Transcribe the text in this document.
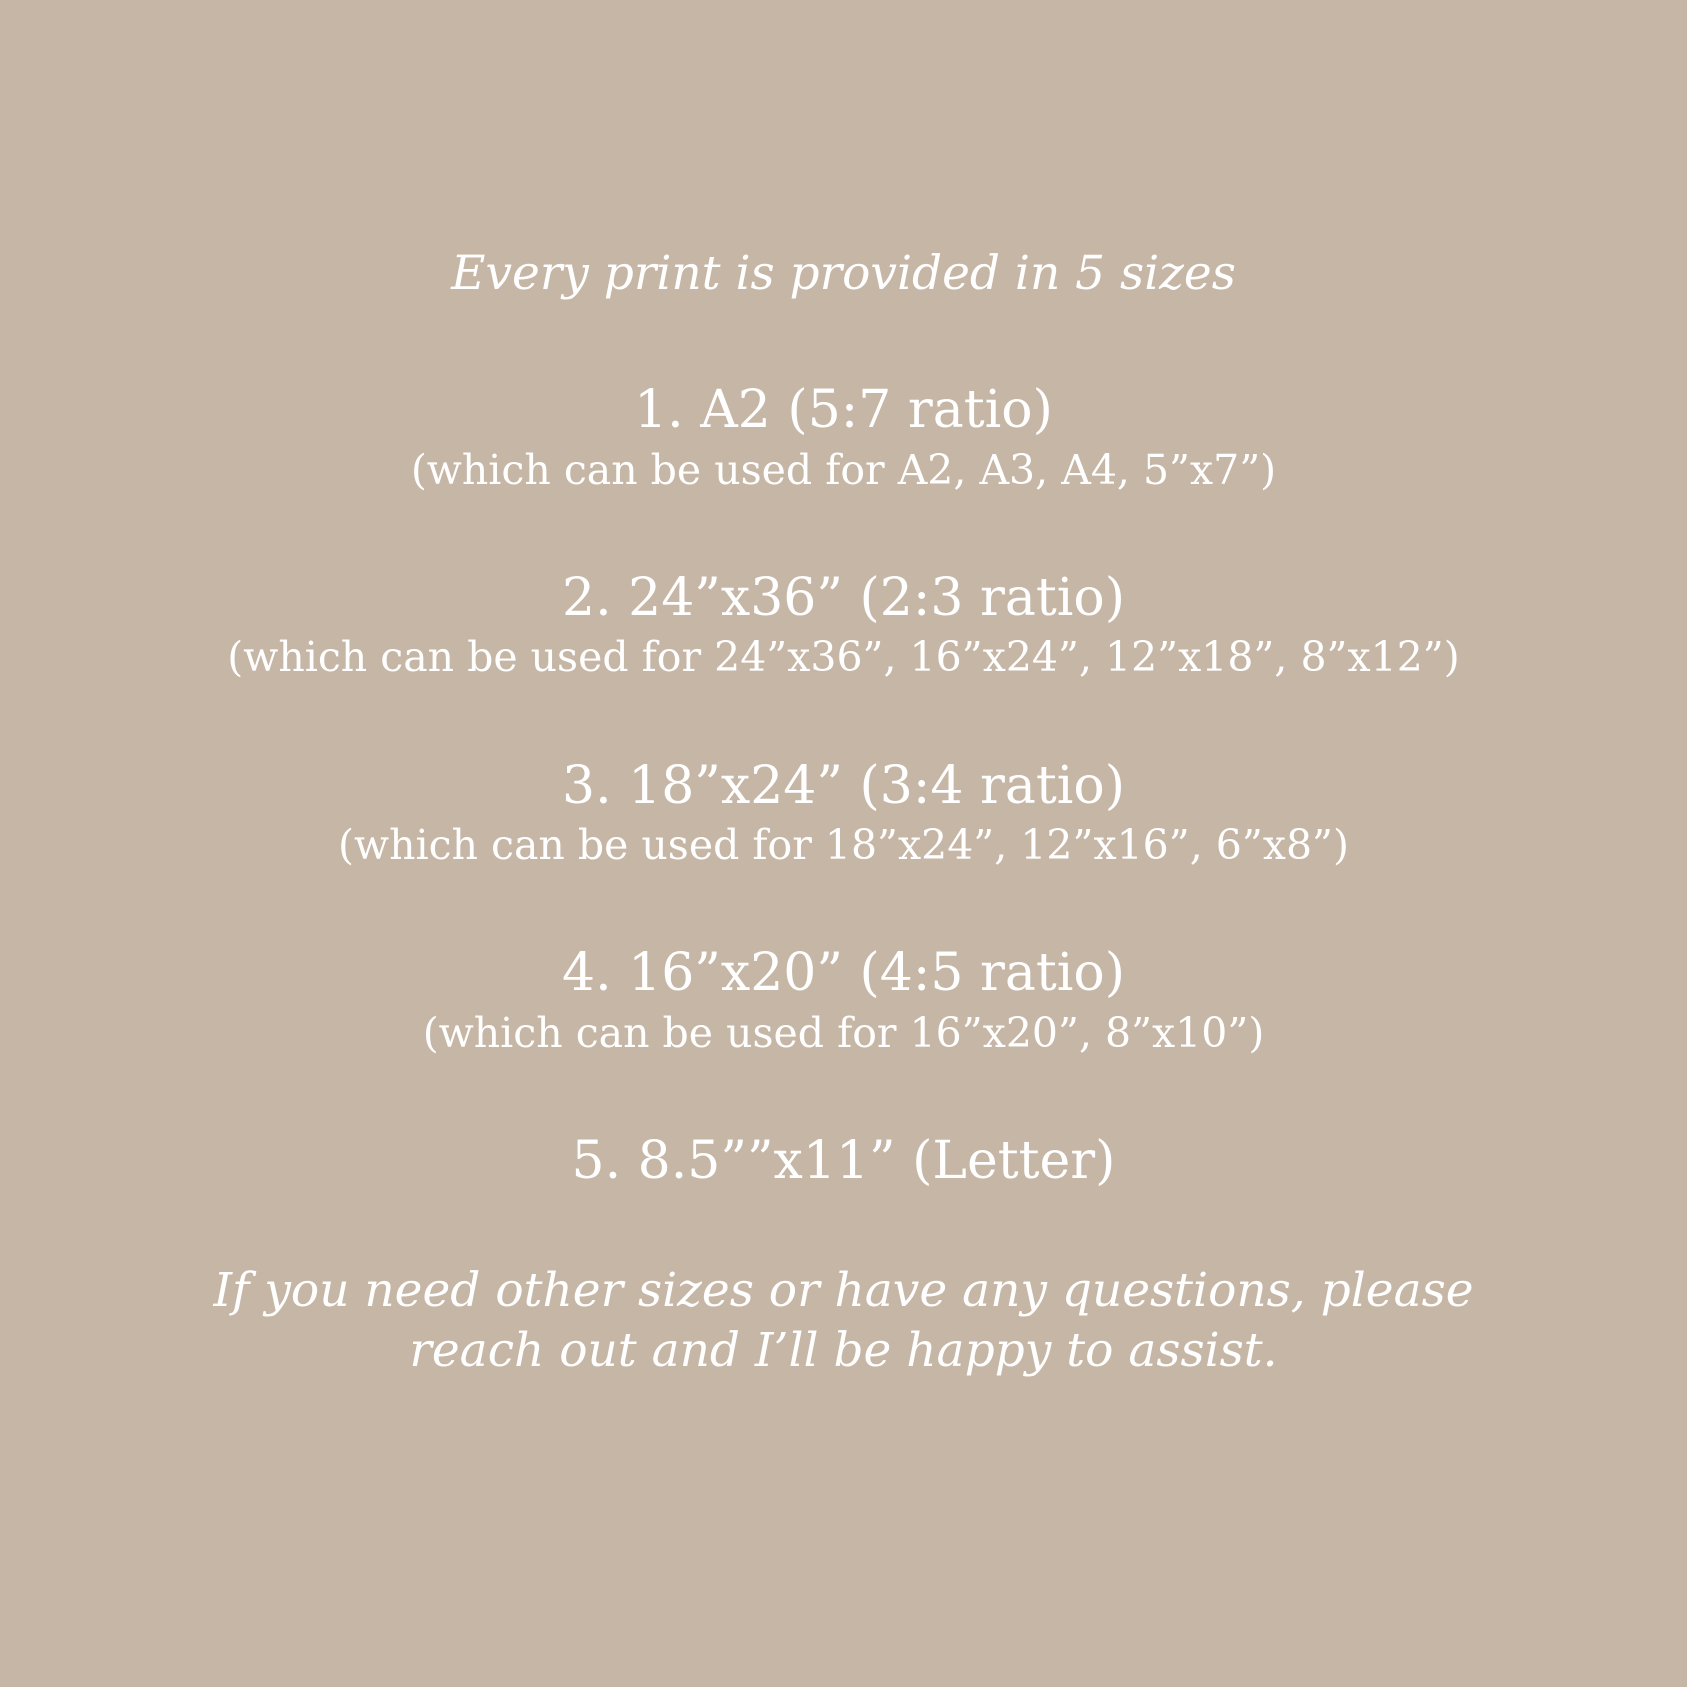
Every print is provided in 5 sizes
1. A2 (5:7 ratio)
(which can be used for A2, A3, A4, 5”x7”)
2. 24”x36” (2:3 ratio)
(which can be used for 24”x36”, 16”x24”, 12”x18”, 8”x12”)
3. 18”x24” (3:4 ratio)
(which can be used for 18”x24”, 12”x16”, 6”x8”)
4. 16”x20” (4:5 ratio)
(which can be used for 16”x20”, 8”x10”)
5. 8.5””x11” (Letter)
If you need other sizes or have any questions, please
reach out and I’ll be happy to assist.
